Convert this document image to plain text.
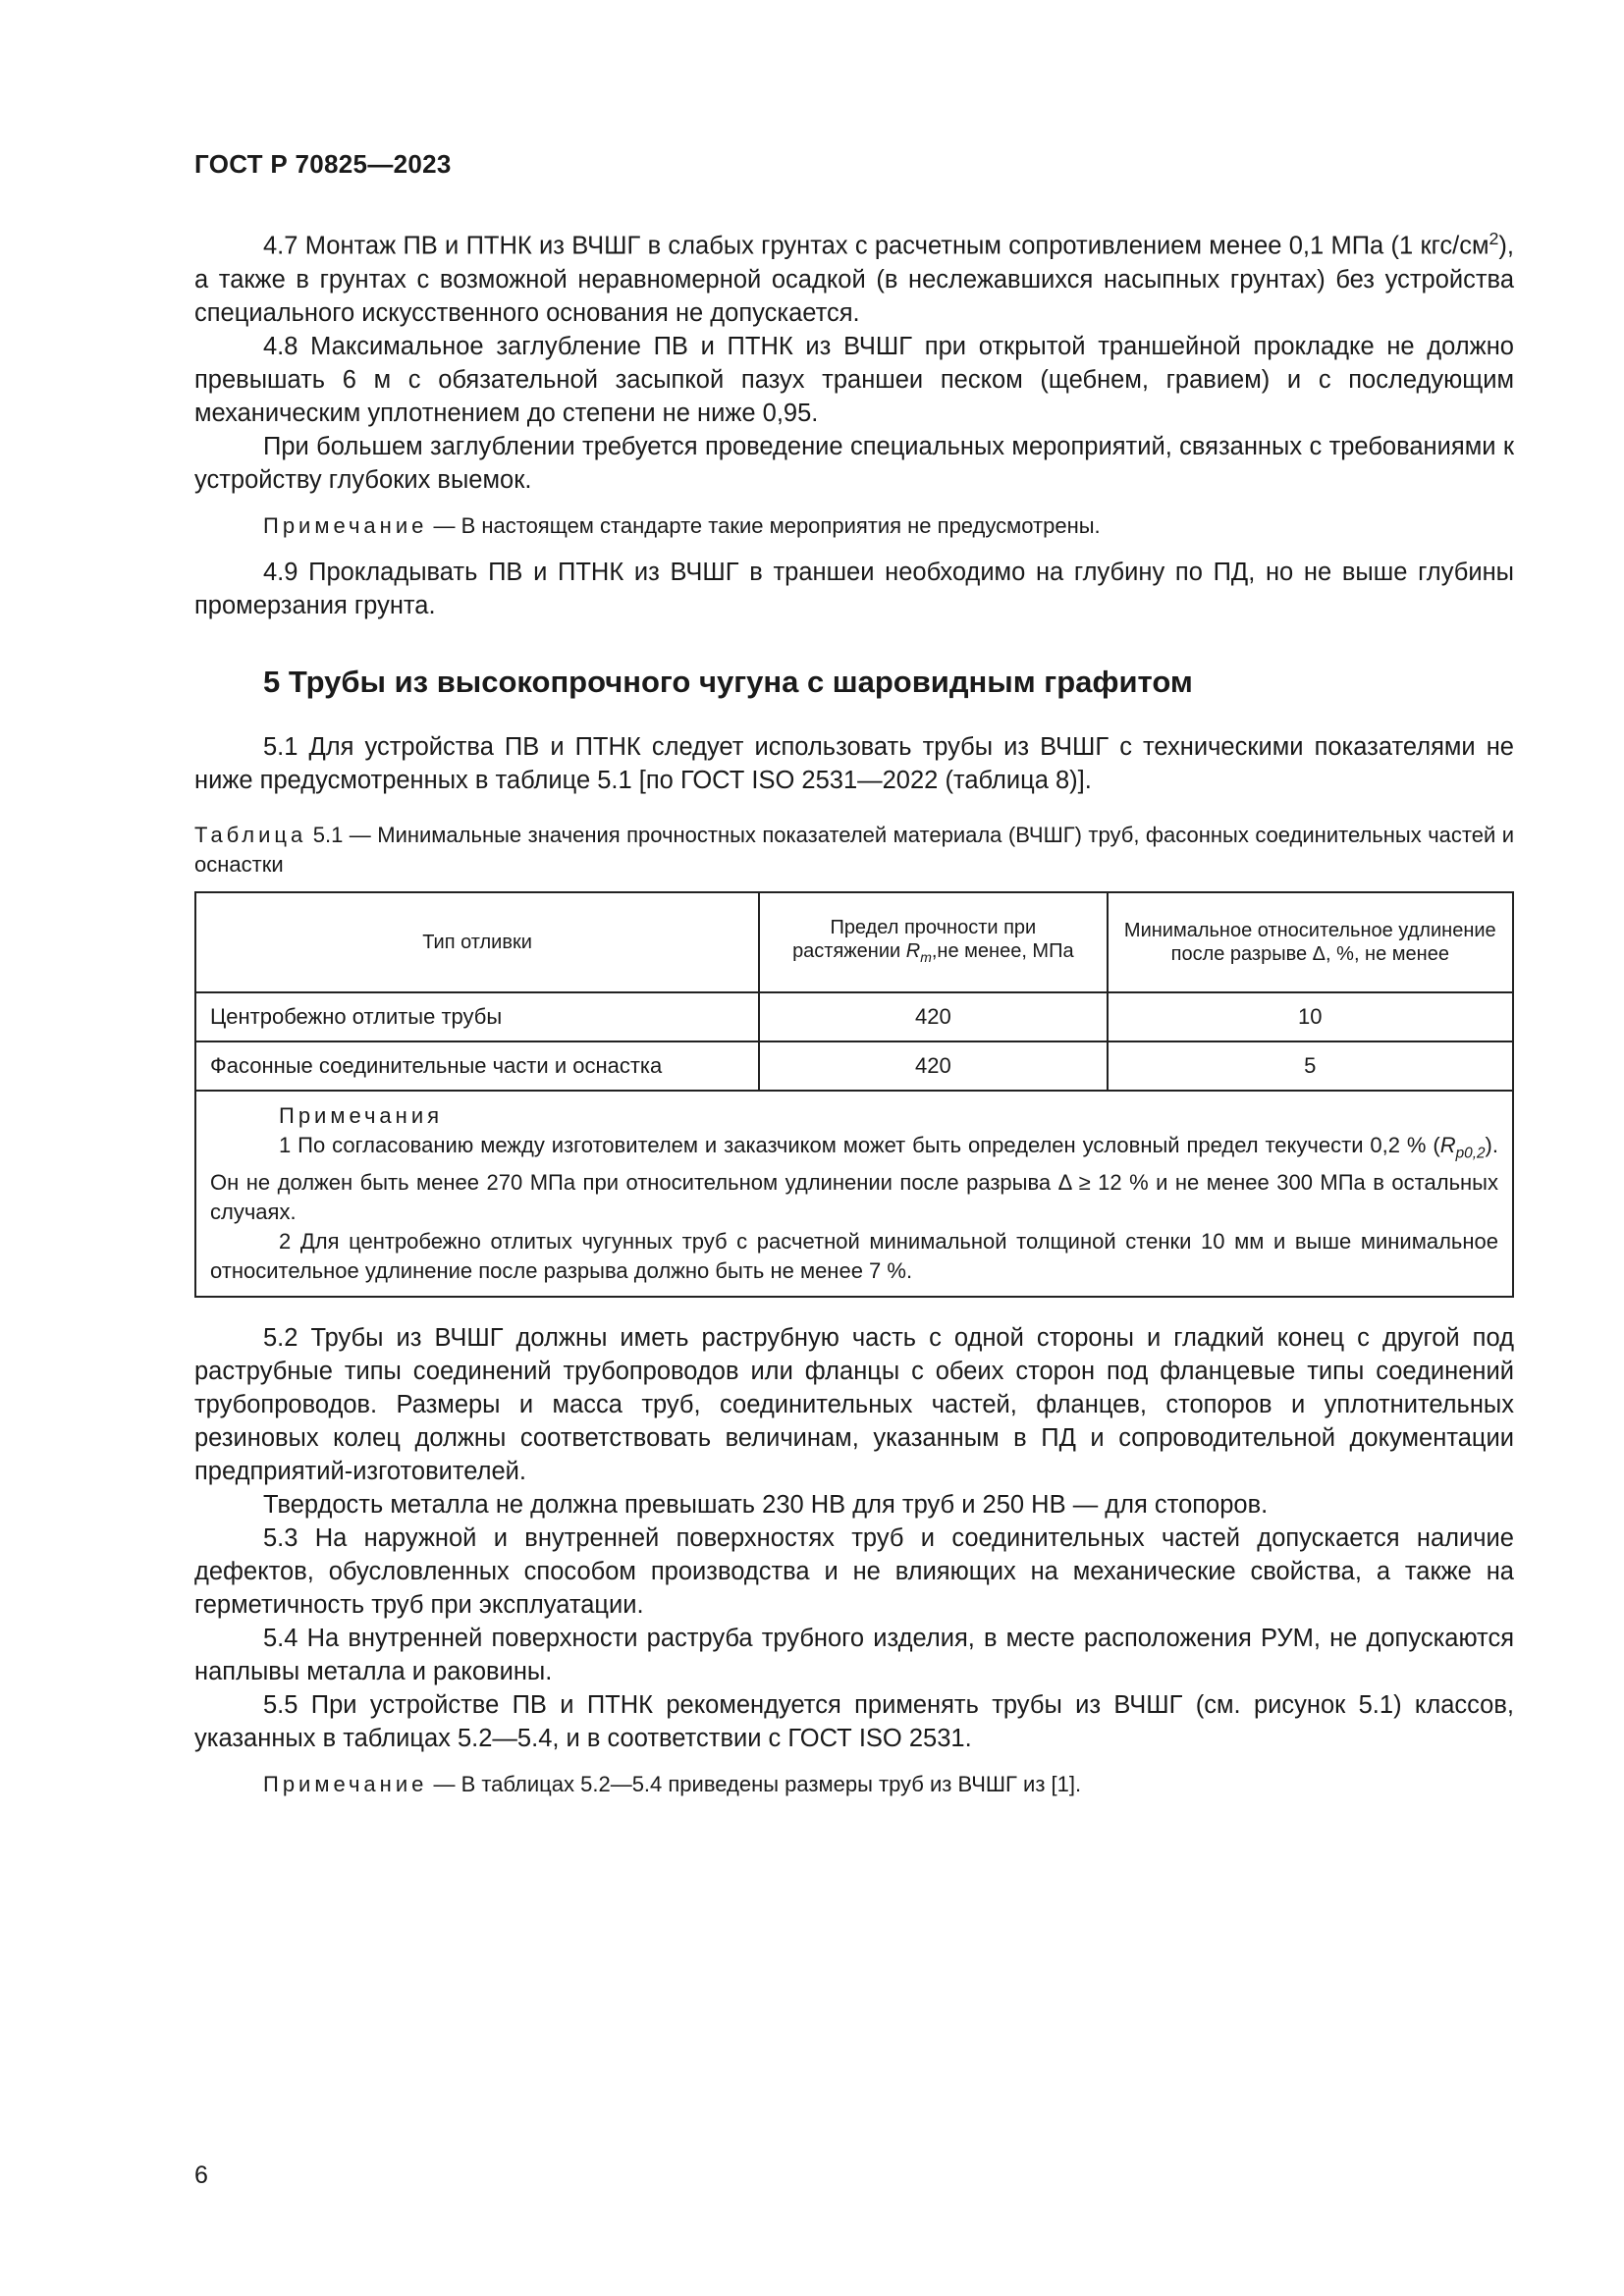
ГОСТ Р 70825—2023

4.7 Монтаж ПВ и ПТНК из ВЧШГ в слабых грунтах с расчетным сопротивлением менее 0,1 МПа (1 кгс/$см^2$), а также в грунтах с возможной неравномерной осадкой (в неслежавшихся насыпных грунтах) без устройства специального искусственного основания не допускается.

4.8 Максимальное заглубление ПВ и ПТНК из ВЧШГ при открытой траншейной прокладке не должно превышать 6 м с обязательной засыпкой пазух траншеи песком (щебнем, гравием) и с последующим механическим уплотнением до степени не ниже 0,95.

При большем заглублении требуется проведение специальных мероприятий, связанных с требованиями к устройству глубоких выемок.

Примечание — В настоящем стандарте такие мероприятия не предусмотрены.

4.9 Прокладывать ПВ и ПТНК из ВЧШГ в траншеи необходимо на глубину по ПД, но не выше глубины промерзания грунта.

5 Трубы из высокопрочного чугуна с шаровидным графитом

5.1 Для устройства ПВ и ПТНК следует использовать трубы из ВЧШГ с техническими показателями не ниже предусмотренных в таблице 5.1 [по ГОСТ ISO 2531—2022 (таблица 8)].

Таблица 5.1 — Минимальные значения прочностных показателей материала (ВЧШГ) труб, фасонных соединительных частей и оснастки

Тип отливки	Предел прочности при растяжении $R_m,не$ менее, МПа	Минимальное относительное удлинение после разрыве Δ, %, не менее
Центробежно отлитые трубы	420	10
Фасонные соединительные части и оснастка	420	5

Примечания

1 По согласованию между изготовителем и заказчиком может быть определен условный предел текучести 0,2 % $(R_{p0,2})$. Он не должен быть менее 270 МПа при относительном удлинении после разрыва Δ ≥ 12 % и не менее 300 МПа в остальных случаях.

2 Для центробежно отлитых чугунных труб с расчетной минимальной толщиной стенки 10 мм и выше минимальное относительное удлинение после разрыва должно быть не менее 7 %.		

5.2 Трубы из ВЧШГ должны иметь раструбную часть с одной стороны и гладкий конец с другой под раструбные типы соединений трубопроводов или фланцы с обеих сторон под фланцевые типы соединений трубопроводов. Размеры и масса труб, соединительных частей, фланцев, стопоров и уплотнительных резиновых колец должны соответствовать величинам, указанным в ПД и сопроводительной документации предприятий-изготовителей.

Твердость металла не должна превышать 230 НВ для труб и 250 НВ — для стопоров.

5.3 На наружной и внутренней поверхностях труб и соединительных частей допускается наличие дефектов, обусловленных способом производства и не влияющих на механические свойства, а также на герметичность труб при эксплуатации.

5.4 На внутренней поверхности раструба трубного изделия, в месте расположения РУМ, не допускаются наплывы металла и раковины.

5.5 При устройстве ПВ и ПТНК рекомендуется применять трубы из ВЧШГ (см. рисунок 5.1) классов, указанных в таблицах 5.2—5.4, и в соответствии с ГОСТ ISO 2531.

Примечание — В таблицах 5.2—5.4 приведены размеры труб из ВЧШГ из [1].

6
